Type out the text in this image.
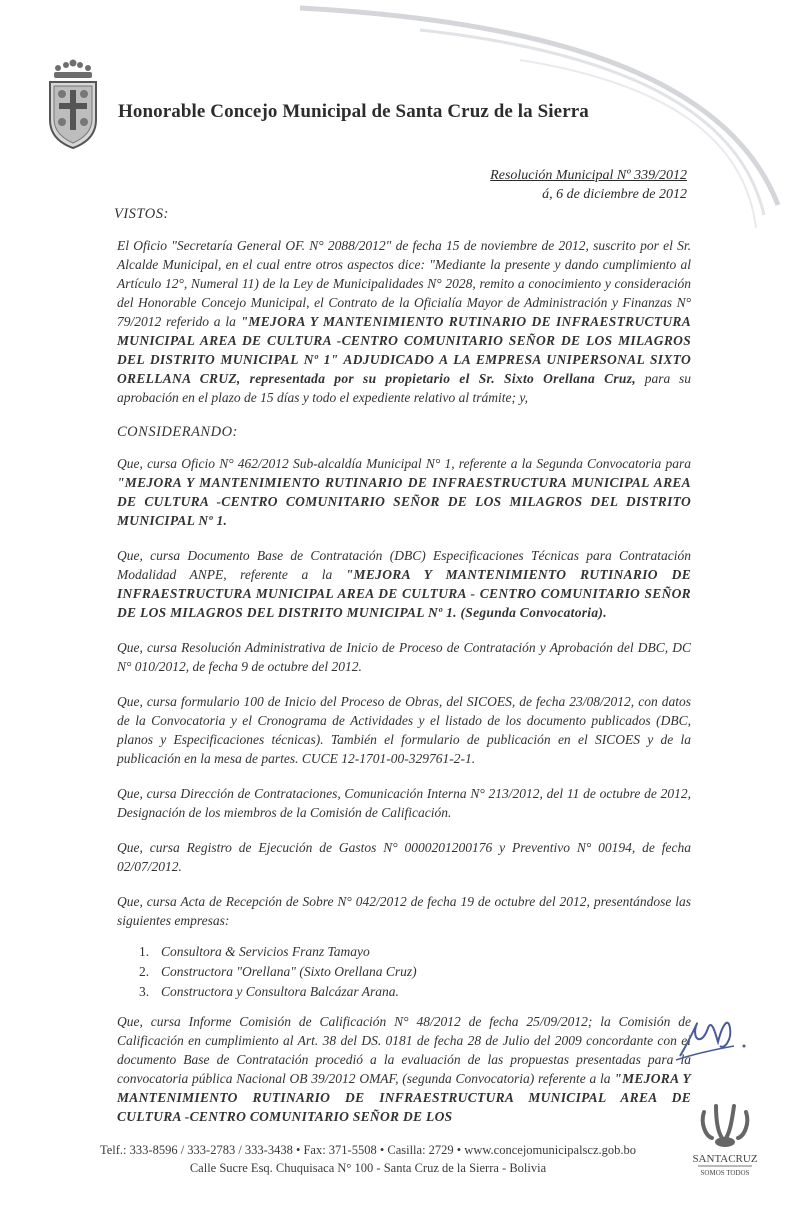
Honorable Concejo Municipal de Santa Cruz de la Sierra
Resolución Municipal Nº 339/2012
á, 6 de diciembre de 2012
VISTOS:

El Oficio "Secretaría General OF. N° 2088/2012" de fecha 15 de noviembre de 2012, suscrito por el Sr. Alcalde Municipal, en el cual entre otros aspectos dice: "Mediante la presente y dando cumplimiento al Artículo 12°, Numeral 11) de la Ley de Municipalidades N° 2028, remito a conocimiento y consideración del Honorable Concejo Municipal, el Contrato de la Oficialía Mayor de Administración y Finanzas N° 79/2012 referido a la "MEJORA Y MANTENIMIENTO RUTINARIO DE INFRAESTRUCTURA MUNICIPAL AREA DE CULTURA -CENTRO COMUNITARIO SEÑOR DE LOS MILAGROS DEL DISTRITO MUNICIPAL Nº 1" ADJUDICADO A LA EMPRESA UNIPERSONAL SIXTO ORELLANA CRUZ, representada por su propietario el Sr. Sixto Orellana Cruz, para su aprobación en el plazo de 15 días y todo el expediente relativo al trámite; y,

CONSIDERANDO:

Que, cursa Oficio N° 462/2012 Sub-alcaldía Municipal N° 1, referente a la Segunda Convocatoria para "MEJORA Y MANTENIMIENTO RUTINARIO DE INFRAESTRUCTURA MUNICIPAL AREA DE CULTURA -CENTRO COMUNITARIO SEÑOR DE LOS MILAGROS DEL DISTRITO MUNICIPAL Nº 1.

Que, cursa Documento Base de Contratación (DBC) Especificaciones Técnicas para Contratación Modalidad ANPE, referente a la "MEJORA Y MANTENIMIENTO RUTINARIO DE INFRAESTRUCTURA MUNICIPAL AREA DE CULTURA - CENTRO COMUNITARIO SEÑOR DE LOS MILAGROS DEL DISTRITO MUNICIPAL Nº 1. (Segunda Convocatoria).

Que, cursa Resolución Administrativa de Inicio de Proceso de Contratación y Aprobación del DBC, DC N° 010/2012, de fecha 9 de octubre del 2012.

Que, cursa formulario 100 de Inicio del Proceso de Obras, del SICOES, de fecha 23/08/2012, con datos de la Convocatoria y el Cronograma de Actividades y el listado de los documento publicados (DBC, planos y Especificaciones técnicas). También el formulario de publicación en el SICOES y de la publicación en la mesa de partes. CUCE 12-1701-00-329761-2-1.

Que, cursa Dirección de Contrataciones, Comunicación Interna N° 213/2012, del 11 de octubre de 2012, Designación de los miembros de la Comisión de Calificación.

Que, cursa Registro de Ejecución de Gastos N° 0000201200176 y Preventivo N° 00194, de fecha 02/07/2012.

Que, cursa Acta de Recepción de Sobre N° 042/2012 de fecha 19 de octubre del 2012, presentándose las siguientes empresas:

1. Consultora & Servicios Franz Tamayo
2. Constructora "Orellana" (Sixto Orellana Cruz)
3. Constructora y Consultora Balcázar Arana.

Que, cursa Informe Comisión de Calificación N° 48/2012 de fecha 25/09/2012; la Comisión de Calificación en cumplimiento al Art. 38 del DS. 0181 de fecha 28 de Julio del 2009 concordante con el documento Base de Contratación procedió a la evaluación de las propuestas presentadas para la convocatoria pública Nacional OB 39/2012 OMAF, (segunda Convocatoria) referente a la "MEJORA Y MANTENIMIENTO RUTINARIO DE INFRAESTRUCTURA MUNICIPAL AREA DE CULTURA -CENTRO COMUNITARIO SEÑOR DE LOS

Telf.: 333-8596 / 333-2783 / 333-3438 • Fax: 371-5508 • Casilla: 2729 • www.concejomunicipalscz.gob.bo
Calle Sucre Esq. Chuquisaca N° 100 - Santa Cruz de la Sierra - Bolivia
SANTACRUZ
SOMOS TODOS
